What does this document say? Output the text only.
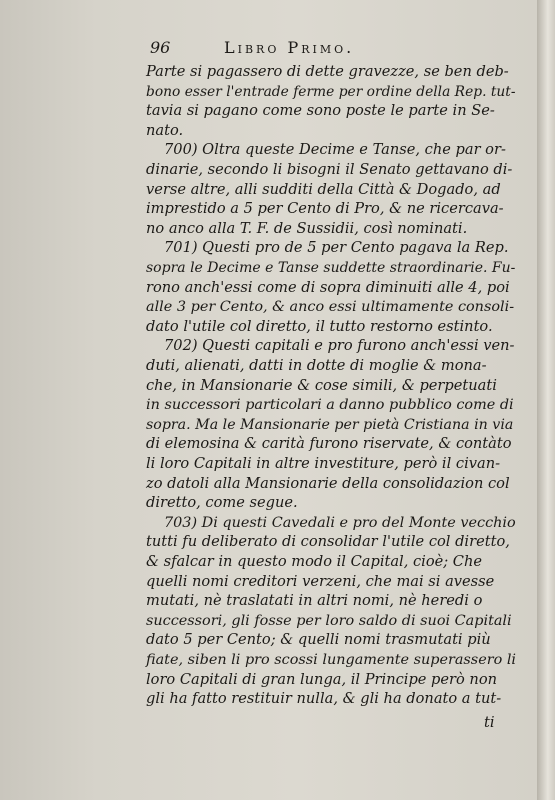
96	Libro Primo.
Parte si pagassero di dette gravezze, se ben deb-
bono esser l'entrade ferme per ordine della Rep. tut-
tavia si pagano come sono poste le parte in Se-
nato.
700) Oltra queste Decime e Tanse, che par or-
dinarie, secondo li bisogni il Senato gettavano di-
verse altre, alli sudditi della Città & Dogado, ad
imprestido a 5 per Cento di Pro, & ne ricercava-
no anco alla T. F. de Sussidii, così nominati.
701) Questi pro de 5 per Cento pagava la Rep.
sopra le Decime e Tanse suddette straordinarie. Fu-
rono anch'essi come di sopra diminuiti alle 4, poi
alle 3 per Cento, & anco essi ultimamente consoli-
dato l'utile col diretto, il tutto restorno estinto.
702) Questi capitali e pro furono anch'essi ven-
duti, alienati, datti in dotte di moglie & mona-
che, in Mansionarie & cose simili, & perpetuati
in successori particolari a danno pubblico come di
sopra. Ma le Mansionarie per pietà Cristiana in via
di elemosina & carità furono riservate, & contàto
li loro Capitali in altre investiture, però il civan-
zo datoli alla Mansionarie della consolidazion col
diretto, come segue.
703) Di questi Cavedali e pro del Monte vecchio
tutti fu deliberato di consolidar l'utile col diretto,
& sfalcar in questo modo il Capital, cioè; Che
quelli nomi creditori verzeni, che mai si avesse
mutati, nè traslatati in altri nomi, nè heredi o
successori, gli fosse per loro saldo di suoi Capitali
dato 5 per Cento; & quelli nomi trasmutati più
fiate, siben li pro scossi lungamente superassero li
loro Capitali di gran lunga, il Principe però non
gli ha fatto restituir nulla, & gli ha donato a tut-
ti
